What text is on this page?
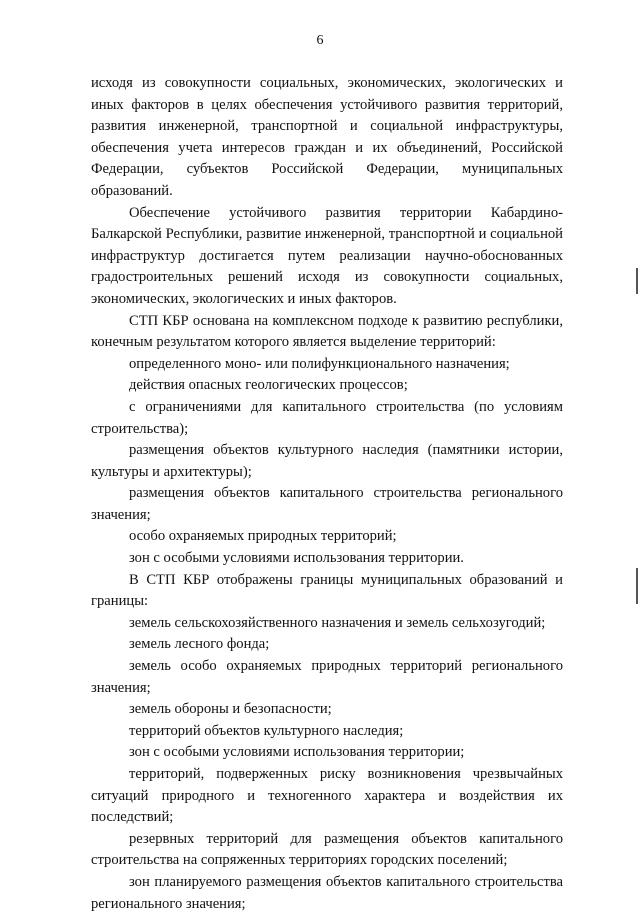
6

исходя из совокупности социальных, экономических, экологических и иных факторов в целях обеспечения устойчивого развития территорий, развития инженерной, транспортной и социальной инфраструктуры, обеспечения учета интересов граждан и их объединений, Российской Федерации, субъектов Российской Федерации, муниципальных образований.

Обеспечение устойчивого развития территории Кабардино-Балкарской Республики, развитие инженерной, транспортной и социальной инфраструктур достигается путем реализации научно-обоснованных градостроительных решений исходя из совокупности социальных, экономических, экологических и иных факторов.

СТП КБР основана на комплексном подходе к развитию республики, конечным результатом которого является выделение территорий:

определенного моно- или полифункционального назначения;

действия опасных геологических процессов;

с ограничениями для капитального строительства (по условиям строительства);

размещения объектов культурного наследия (памятники истории, культуры и архитектуры);

размещения объектов капитального строительства регионального значения;

особо охраняемых природных территорий;

зон с особыми условиями использования территории.

В СТП КБР отображены границы муниципальных образований и границы:

земель сельскохозяйственного назначения и земель сельхозугодий;

земель лесного фонда;

земель особо охраняемых природных территорий регионального значения;

земель обороны и безопасности;

территорий объектов культурного наследия;

зон с особыми условиями использования территории;

территорий, подверженных риску возникновения чрезвычайных ситуаций природного и техногенного характера и воздействия их последствий;

резервных территорий для размещения объектов капитального строительства на сопряженных территориях городских поселений;

зон планируемого размещения объектов капитального строительства регионального значения;
